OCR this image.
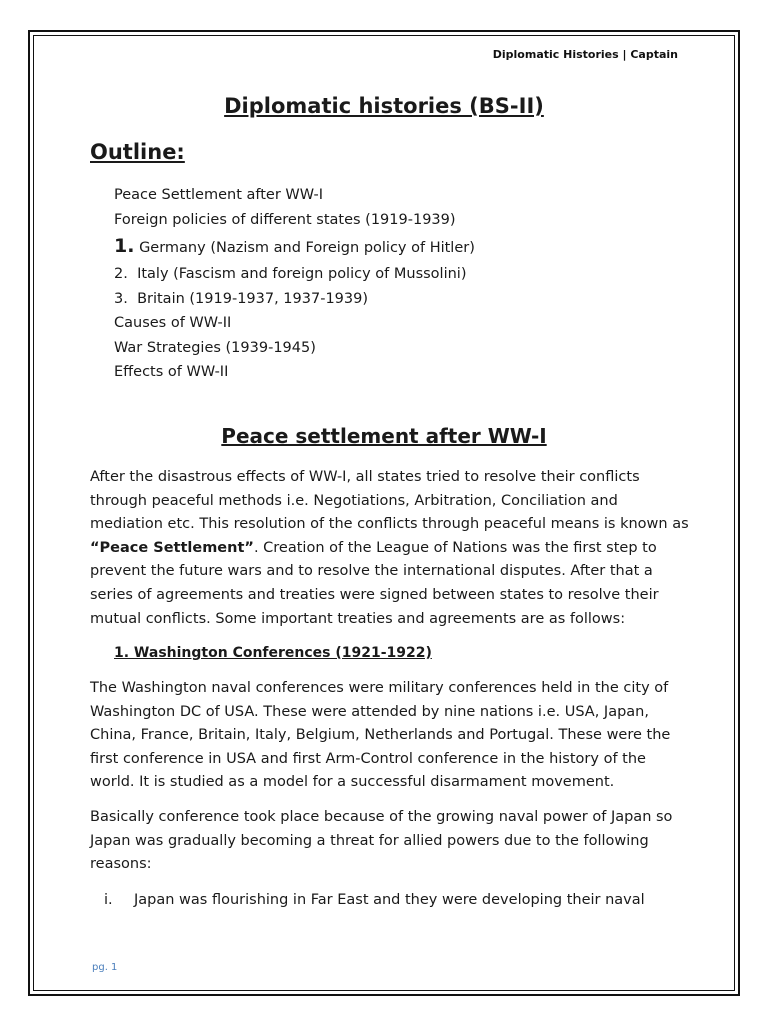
Diplomatic Histories | Captain
Diplomatic histories (BS-II)
Outline:
Peace Settlement after WW-I
Foreign policies of different states (1919-1939)
1. Germany (Nazism and Foreign policy of Hitler)
2. Italy (Fascism and foreign policy of Mussolini)
3. Britain (1919-1937, 1937-1939)
Causes of WW-II
War Strategies (1939-1945)
Effects of WW-II
Peace settlement after WW-I

After the disastrous effects of WW-I, all states tried to resolve their conflicts through peaceful methods i.e. Negotiations, Arbitration, Conciliation and mediation etc. This resolution of the conflicts through peaceful means is known as “Peace Settlement”. Creation of the League of Nations was the first step to prevent the future wars and to resolve the international disputes. After that a series of agreements and treaties were signed between states to resolve their mutual conflicts. Some important treaties and agreements are as follows:

1. Washington Conferences (1921-1922)

The Washington naval conferences were military conferences held in the city of Washington DC of USA. These were attended by nine nations i.e. USA, Japan, China, France, Britain, Italy, Belgium, Netherlands and Portugal. These were the first conference in USA and first Arm-Control conference in the history of the world. It is studied as a model for a successful disarmament movement.

Basically conference took place because of the growing naval power of Japan so Japan was gradually becoming a threat for allied powers due to the following reasons:

i. Japan was flourishing in Far East and they were developing their naval
pg. 1
